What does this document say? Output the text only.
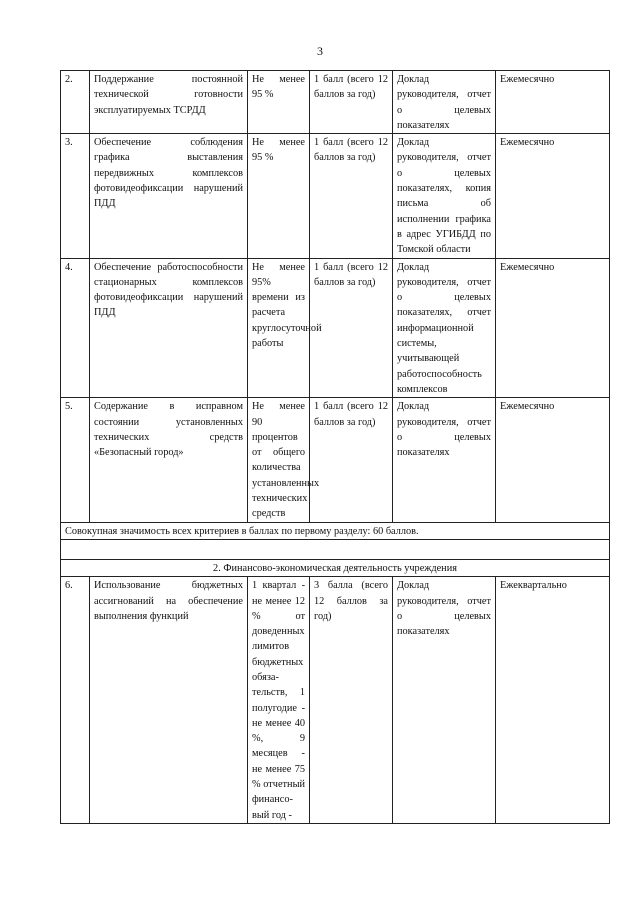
3
2.	Поддержание постоянной технической готовности эксплуатируемых ТСРДД	Не менее 95 %	1 балл (всего 12 баллов за год)	Доклад руководителя, отчет о целевых показателях	Ежемесячно
3.	Обеспечение соблюдения графика выставления передвижных комплексов фотовидеофиксации нарушений ПДД	Не менее 95 %	1 балл (всего 12 баллов за год)	Доклад руководителя, отчет о целевых показателях, копия письма об исполнении графика в адрес УГИБДД по Томской области	Ежемесячно
4.	Обеспечение работоспособности стационарных комплексов фотовидеофиксации нарушений ПДД	Не менее 95% времени из расчета круглосуточной работы	1 балл (всего 12 баллов за год)	Доклад руководителя, отчет о целевых показателях, отчет информационной системы, учитывающей работоспособность комплексов	Ежемесячно
5.	Содержание в исправном состоянии установленных технических средств «Безопасный город»	Не менее 90 процентов от общего количества установленных технических средств	1 балл (всего 12 баллов за год)	Доклад руководителя, отчет о целевых показателях	Ежемесячно
Совокупная значимость всех критериев в баллах по первому разделу: 60 баллов.					

2. Финансово-экономическая деятельность учреждения					
6.	Использование бюджетных ассигнований на обеспечение выполнения функций	1 квартал - не менее 12 % от доведенных лимитов бюджетных обяза-тельств, 1 полугодие - не менее 40 %, 9 месяцев - не менее 75 % отчетный финансо-вый год -	3 балла (всего 12 баллов за год)	Доклад руководителя, отчет о целевых показателях	Ежеквартально
